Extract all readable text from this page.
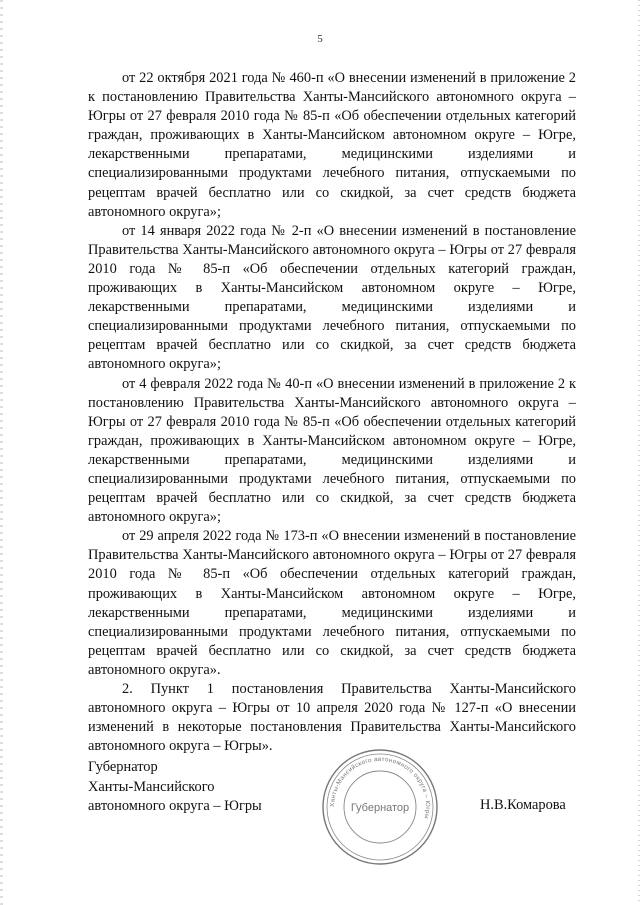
5

от 22 октября 2021 года № 460-п «О внесении изменений в приложение 2 к постановлению Правительства Ханты-Мансийского автономного округа – Югры от 27 февраля 2010 года № 85-п «Об обеспечении отдельных категорий граждан, проживающих в Ханты-Мансийском автономном округе – Югре, лекарственными препаратами, медицинскими изделиями и специализированными продуктами лечебного питания, отпускаемыми по рецептам врачей бесплатно или со скидкой, за счет средств бюджета автономного округа»;

от 14 января 2022 года № 2-п «О внесении изменений в постановление Правительства Ханты-Мансийского автономного округа – Югры от 27 февраля 2010 года № 85-п «Об обеспечении отдельных категорий граждан, проживающих в Ханты-Мансийском автономном округе – Югре, лекарственными препаратами, медицинскими изделиями и специализированными продуктами лечебного питания, отпускаемыми по рецептам врачей бесплатно или со скидкой, за счет средств бюджета автономного округа»;

от 4 февраля 2022 года № 40-п «О внесении изменений в приложение 2 к постановлению Правительства Ханты-Мансийского автономного округа – Югры от 27 февраля 2010 года № 85-п «Об обеспечении отдельных категорий граждан, проживающих в Ханты-Мансийском автономном округе – Югре, лекарственными препаратами, медицинскими изделиями и специализированными продуктами лечебного питания, отпускаемыми по рецептам врачей бесплатно или со скидкой, за счет средств бюджета автономного округа»;

от 29 апреля 2022 года № 173-п «О внесении изменений в постановление Правительства Ханты-Мансийского автономного округа – Югры от 27 февраля 2010 года № 85-п «Об обеспечении отдельных категорий граждан, проживающих в Ханты-Мансийском автономном округе – Югре, лекарственными препаратами, медицинскими изделиями и специализированными продуктами лечебного питания, отпускаемыми по рецептам врачей бесплатно или со скидкой, за счет средств бюджета автономного округа».

2. Пункт 1 постановления Правительства Ханты-Мансийского автономного округа – Югры от 10 апреля 2020 года № 127-п «О внесении изменений в некоторые постановления Правительства Ханты-Мансийского автономного округа – Югры».

Губернатор
Ханты-Мансийского
автономного округа – Югры	Ханты-Мансийского автономного округа – Югры
Губернатор	Н.В.Комарова
